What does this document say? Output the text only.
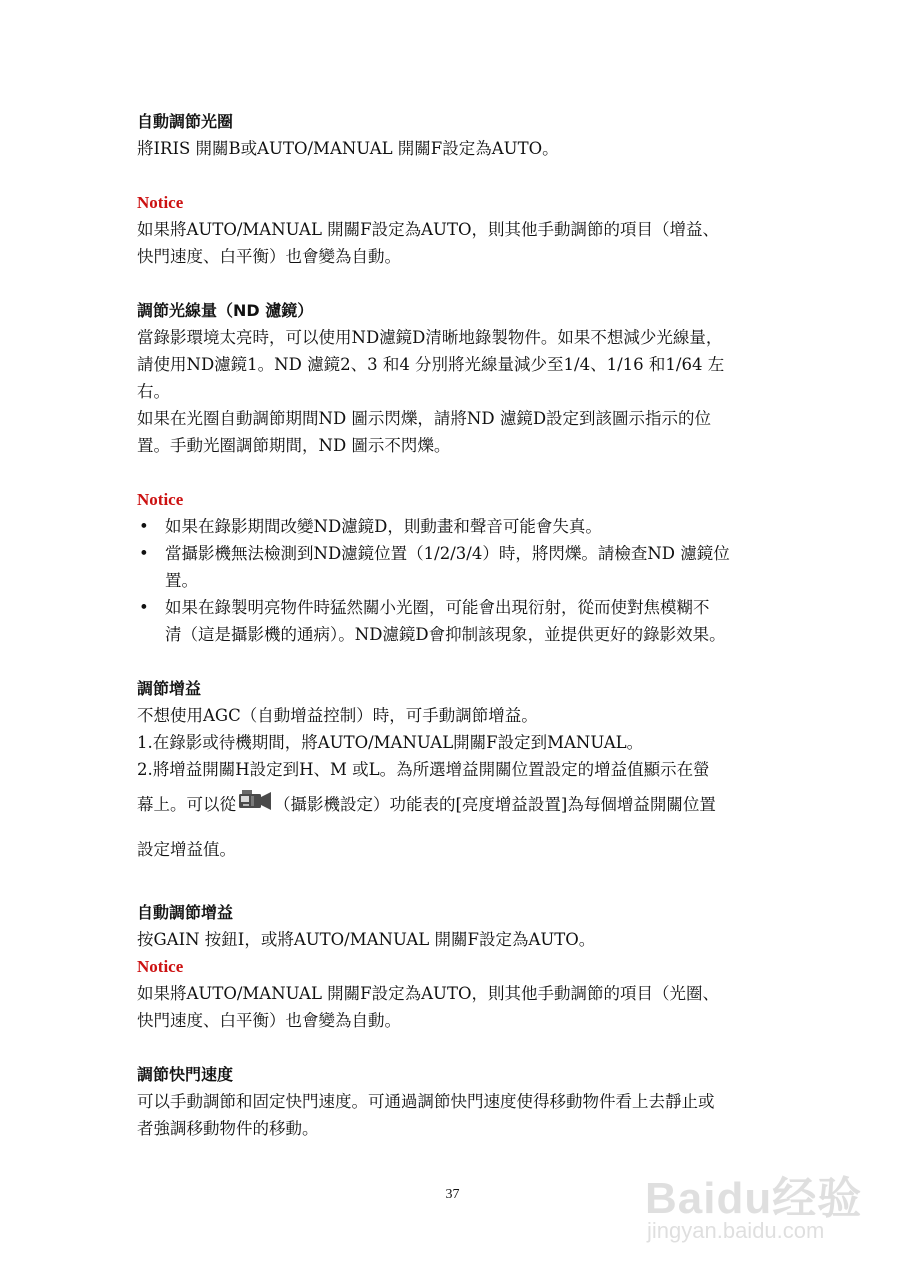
自動調節光圈
將IRIS 開關B或AUTO/MANUAL 開關F設定為AUTO。
Notice
如果將AUTO/MANUAL 開關F設定為AUTO，則其他手動調節的項目（增益、
快門速度、白平衡）也會變為自動。
調節光線量（ND 濾鏡）
當錄影環境太亮時，可以使用ND濾鏡D清晰地錄製物件。如果不想減少光線量，
請使用ND濾鏡1。ND 濾鏡2、3 和4 分別將光線量減少至1/4、1/16 和1/64 左
右。
如果在光圈自動調節期間ND 圖示閃爍，請將ND 濾鏡D設定到該圖示指示的位
置。手動光圈調節期間，ND 圖示不閃爍。
Notice
• 如果在錄影期間改變ND濾鏡D，則動畫和聲音可能會失真。
• 當攝影機無法檢測到ND濾鏡位置（1/2/3/4）時，將閃爍。請檢查ND 濾鏡位
置。
• 如果在錄製明亮物件時猛然關小光圈，可能會出現衍射，從而使對焦模糊不
清（這是攝影機的通病）。ND濾鏡D會抑制該現象，並提供更好的錄影效果。
調節增益
不想使用AGC（自動增益控制）時，可手動調節增益。
1.在錄影或待機期間，將AUTO/MANUAL開關F設定到MANUAL。
2.將增益開關H設定到H、M 或L。為所選增益開關位置設定的增益值顯示在螢
幕上。可以從 （攝影機設定）功能表的[亮度增益設置]為每個增益開關位置
設定增益值。
自動調節增益
按GAIN 按鈕I，或將AUTO/MANUAL 開關F設定為AUTO。
Notice
如果將AUTO/MANUAL 開關F設定為AUTO，則其他手動調節的項目（光圈、
快門速度、白平衡）也會變為自動。
調節快門速度
可以手動調節和固定快門速度。可通過調節快門速度使得移動物件看上去靜止或
者強調移動物件的移動。
37	Baidu经验
jingyan.baidu.com
